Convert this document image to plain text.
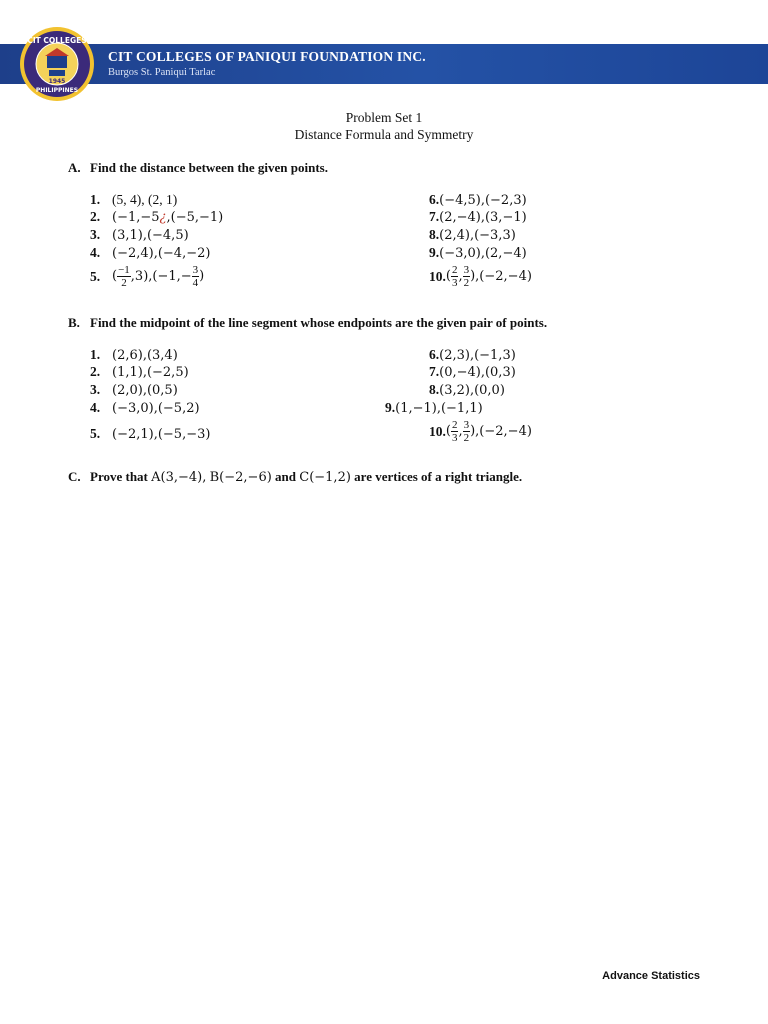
CIT COLLEGES
PHILIPPINES
1945
CIT COLLEGES OF PANIQUI FOUNDATION INC.
Burgos St. Paniqui Tarlac
Problem Set 1
Distance Formula and Symmetry
A. Find the distance between the given points.
1. (5, 4), (2, 1)
2. (−1,−5¿,(−5,−1)
3. (3,1),(−4,5)
4. (−2,4),(−4,−2)
5. ( $\frac{-1}{2} ,3),(-1,- \frac{3}{4}$ )
6.(−4,5),(−2,3)
7.(2,−4),(3,−1)
8.(2,4),(−3,3)
9.(−3,0),(2,−4)
$10.( \frac{2}{3}$ , $\frac{3}{2} ),(-2,-4)$
B. Find the midpoint of the line segment whose endpoints are the given pair of points.
1. (2,6),(3,4)
2. (1,1),(−2,5)
3. (2,0),(0,5)
4. (−3,0),(−5,2)
5. (−2,1),(−5,−3)
6.(2,3),(−1,3)
7.(0,−4),(0,3)
8.(3,2),(0,0)
9.(1,−1),(−1,1)
$10.( \frac{2}{3}$ , $\frac{3}{2} ),(-2,-4)$
C. Prove that A(3,−4), B(−2,−6) and C(−1,2) are vertices of a right triangle.
Advance Statistics
